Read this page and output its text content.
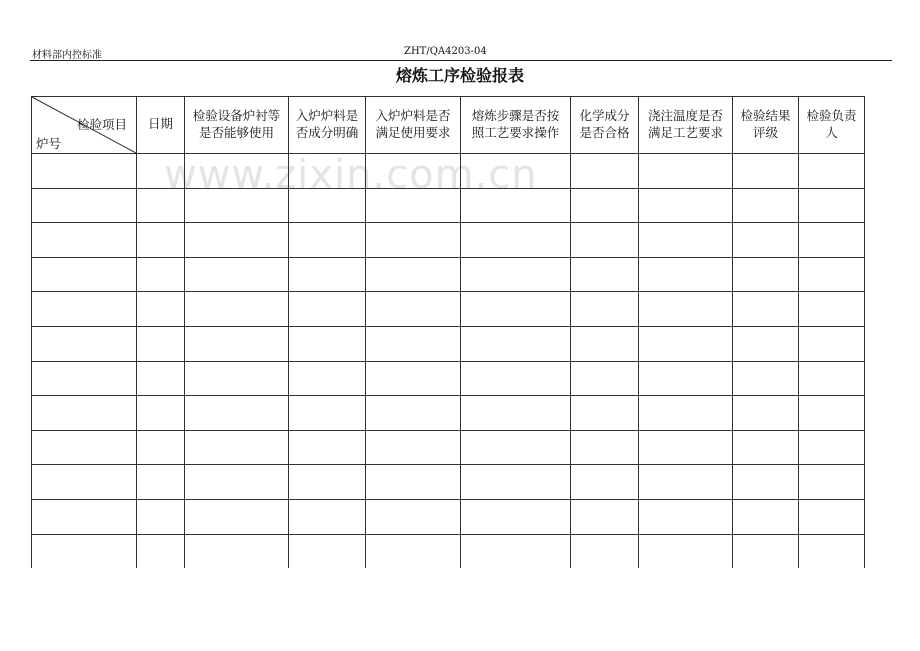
材料部内控标准	ZHT/QA4203-04
熔炼工序检验报表
www.zixin.com.cn
检验项目
炉号
日期
检验设备炉衬等
是否能够使用
入炉炉料是
否成分明确
入炉炉料是否
满足使用要求
熔炼步骤是否按
照工艺要求操作
化学成分
是否合格
浇注温度是否
满足工艺要求
检验结果
评级
检验负责
人
